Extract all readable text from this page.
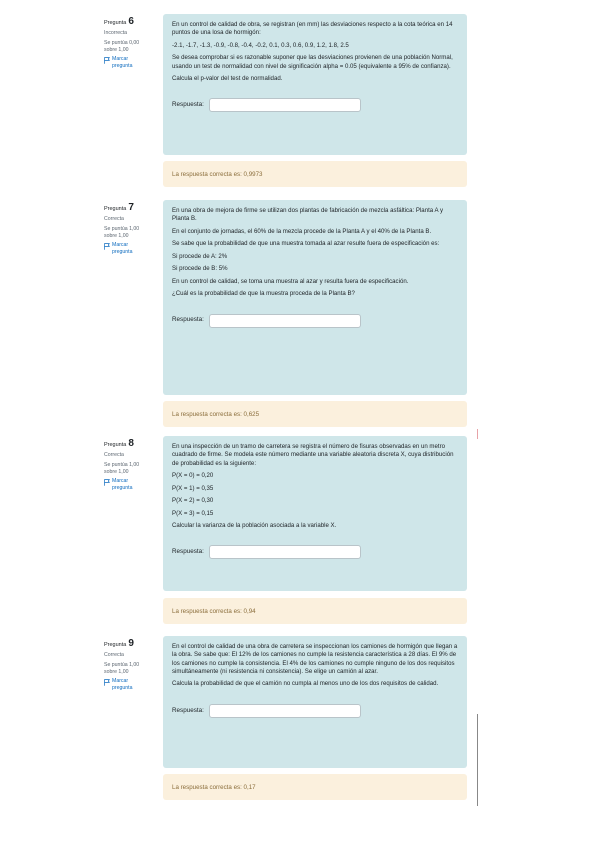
Pregunta 6
Incorrecta
Se puntúa 0,00
sobre 1,00
Marcar
pregunta

En un control de calidad de obra, se registran (en mm) las desviaciones respecto a la cota teórica en 14 puntos de una losa de hormigón:

-2.1, -1.7, -1.3, -0.9, -0.8, -0.4, -0.2, 0.1, 0.3, 0.6, 0.9, 1.2, 1.8, 2.5

Se desea comprobar si es razonable suponer que las desviaciones provienen de una población Normal, usando un test de normalidad con nivel de significación alpha = 0.05 (equivalente a 95% de confianza).

Calcula el p-valor del test de normalidad.

Respuesta:
La respuesta correcta es: 0,9973
Pregunta 7
Correcta
Se puntúa 1,00
sobre 1,00
Marcar
pregunta

En una obra de mejora de firme se utilizan dos plantas de fabricación de mezcla asfáltica: Planta A y Planta B.

En el conjunto de jornadas, el 60% de la mezcla procede de la Planta A y el 40% de la Planta B.

Se sabe que la probabilidad de que una muestra tomada al azar resulte fuera de especificación es:

Si procede de A: 2%

Si procede de B: 5%

En un control de calidad, se toma una muestra al azar y resulta fuera de especificación.

¿Cuál es la probabilidad de que la muestra proceda de la Planta B?

Respuesta:
La respuesta correcta es: 0,625
Pregunta 8
Correcta
Se puntúa 1,00
sobre 1,00
Marcar
pregunta

En una inspección de un tramo de carretera se registra el número de fisuras observadas en un metro cuadrado de firme. Se modela este número mediante una variable aleatoria discreta X, cuya distribución de probabilidad es la siguiente:

P(X = 0) = 0,20

P(X = 1) = 0,35

P(X = 2) = 0,30

P(X = 3) = 0,15

Calcular la varianza de la población asociada a la variable X.

Respuesta:
La respuesta correcta es: 0,94
Pregunta 9
Correcta
Se puntúa 1,00
sobre 1,00
Marcar
pregunta

En el control de calidad de una obra de carretera se inspeccionan los camiones de hormigón que llegan a la obra. Se sabe que: El 12% de los camiones no cumple la resistencia característica a 28 días. El 9% de los camiones no cumple la consistencia. El 4% de los camiones no cumple ninguno de los dos requisitos simultáneamente (ni resistencia ni consistencia). Se elige un camión al azar.

Calcula la probabilidad de que el camión no cumpla al menos uno de los dos requisitos de calidad.

Respuesta:
La respuesta correcta es: 0,17
